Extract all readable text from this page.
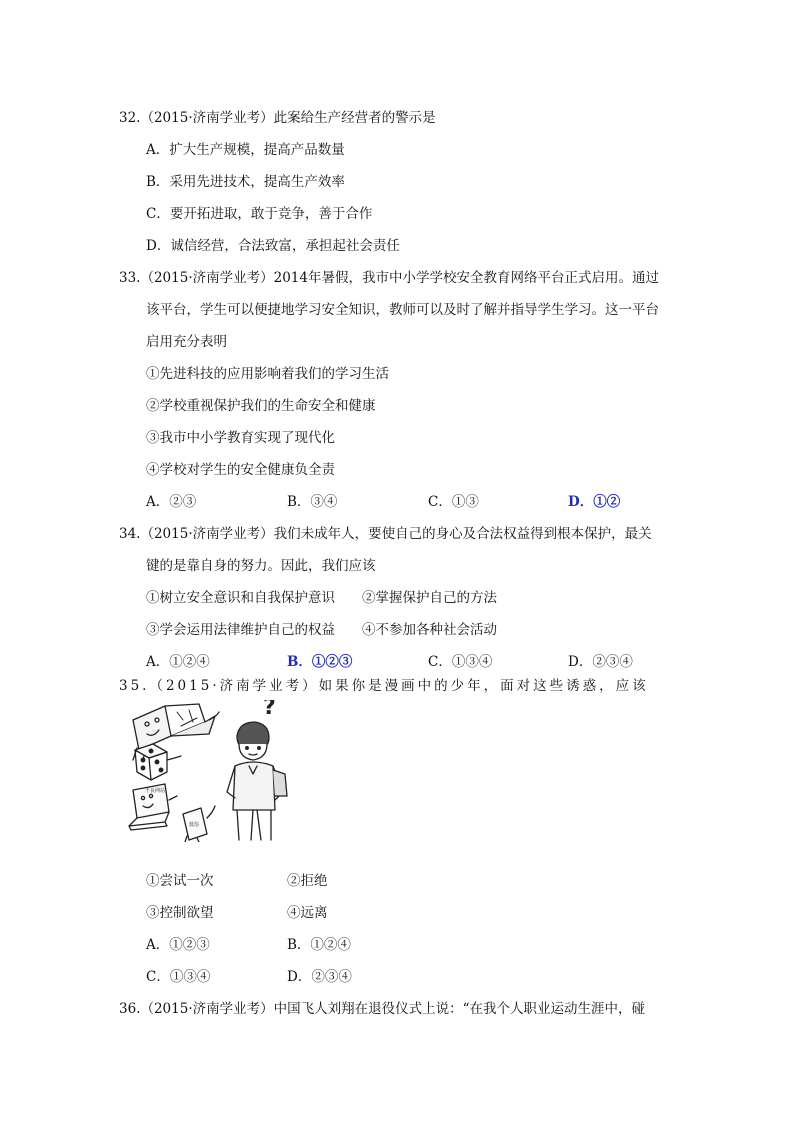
32.（2015·济南学业考）此案给生产经营者的警示是
A．扩大生产规模，提高产品数量
B．采用先进技术，提高生产效率
C．要开拓进取，敢于竞争，善于合作
D．诚信经营，合法致富，承担起社会责任
33.（2015·济南学业考）2014年暑假，我市中小学学校安全教育网络平台正式启用。通过
该平台，学生可以便捷地学习安全知识，教师可以及时了解并指导学生学习。这一平台
启用充分表明
①先进科技的应用影响着我们的学习生活
②学校重视保护我们的生命安全和健康
③我市中小学教育实现了现代化
④学校对学生的安全健康负全责
A．②③	B．③④	C．①③	D．①②
34.（2015·济南学业考）我们未成年人，要使自己的身心及合法权益得到根本保护，最关
键的是靠自身的努力。因此，我们应该
①树立安全意识和自我保护意识 ②掌握保护自己的方法
③学会运用法律维护自己的权益 ④不参加各种社会活动
A．①②④	B．①②③	C．①③④	D．②③④
35.（2015·济南学业考）如果你是漫画中的少年，面对这些诱惑，应该
?
不良网站
低俗
①尝试一次	②拒绝
③控制欲望	④远离
A．①②③	B．①②④
C．①③④	D．②③④
36.（2015·济南学业考）中国飞人刘翔在退役仪式上说：“在我个人职业运动生涯中，碰
